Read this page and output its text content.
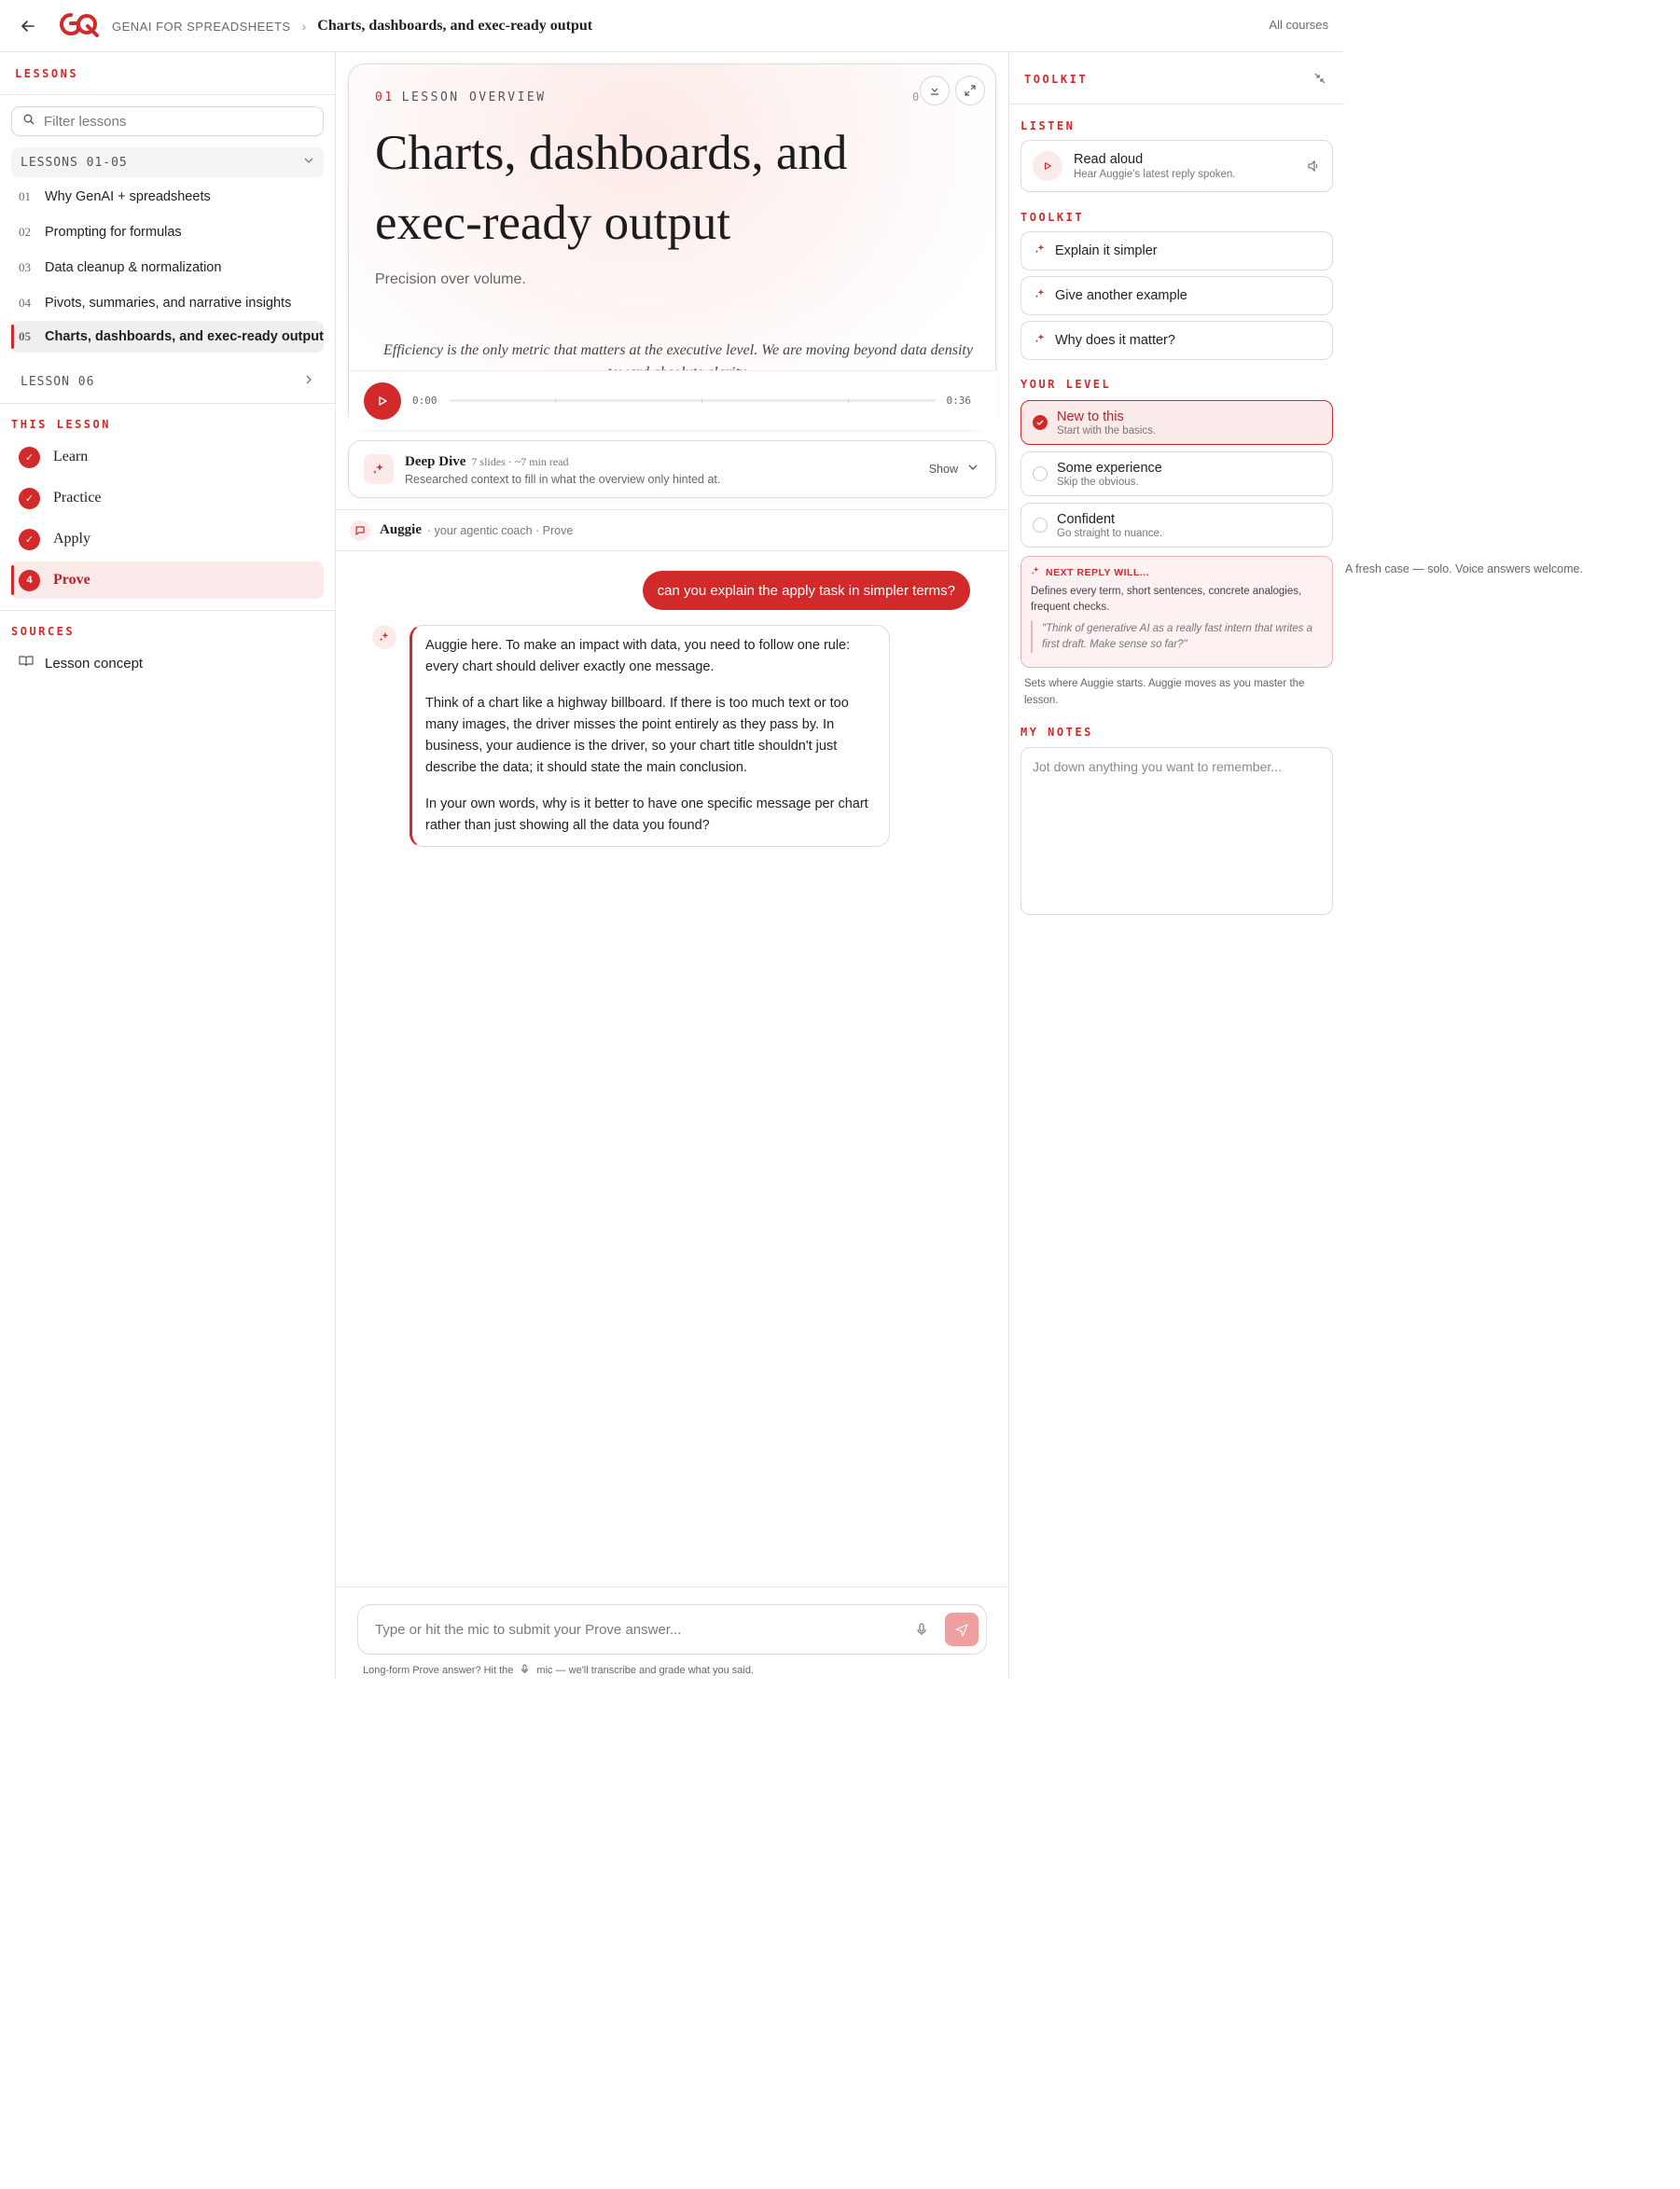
GENAI FOR SPREADSHEETS › Charts, dashboards, and exec-ready output	All courses
LESSONS
Filter lessons
LESSONS 01-05
01 Why GenAI + spreadsheets
02 Prompting for formulas
03 Data cleanup & normalization
04 Pivots, summaries, and narrative insights
05 Charts, dashboards, and exec-ready output
LESSON 06
THIS LESSON
✓	Learn
✓	Practice
✓	Apply
4	Prove
SOURCES
Lesson concept
01 LESSON OVERVIEW	0
Charts, dashboards, and exec-ready output
Precision over volume.
Efficiency is the only metric that matters at the executive level. We are moving beyond data density
0:00	0:36
Deep Dive 7 slides · ~7 min read
Researched context to fill in what the overview only hinted at.
Show
Auggie · your agentic coach · Prove
A fresh case — solo. Voice answers welcome.
can you explain the apply task in simpler terms?

Auggie here. To make an impact with data, you need to follow one rule: every chart should deliver exactly one message.

Think of a chart like a highway billboard. If there is too much text or too many images, the driver misses the point entirely as they pass by. In business, your audience is the driver, so your chart title shouldn't just describe the data; it should state the main conclusion.

In your own words, why is it better to have one specific message per chart rather than just showing all the data you found?

Type or hit the mic to submit your Prove answer...
Long-form Prove answer? Hit the mic — we'll transcribe and grade what you said.
TOOLKIT
LISTEN
Read aloud
Hear Auggie's latest reply spoken.
TOOLKIT
Explain it simpler
Give another example
Why does it matter?
YOUR LEVEL
New to this
Start with the basics.
Some experience
Skip the obvious.
Confident
Go straight to nuance.
NEXT REPLY WILL...
Defines every term, short sentences, concrete analogies, frequent checks.
"Think of generative AI as a really fast intern that writes a first draft. Make sense so far?"
Sets where Auggie starts. Auggie moves as you master the lesson.
MY NOTES
Jot down anything you want to remember...
